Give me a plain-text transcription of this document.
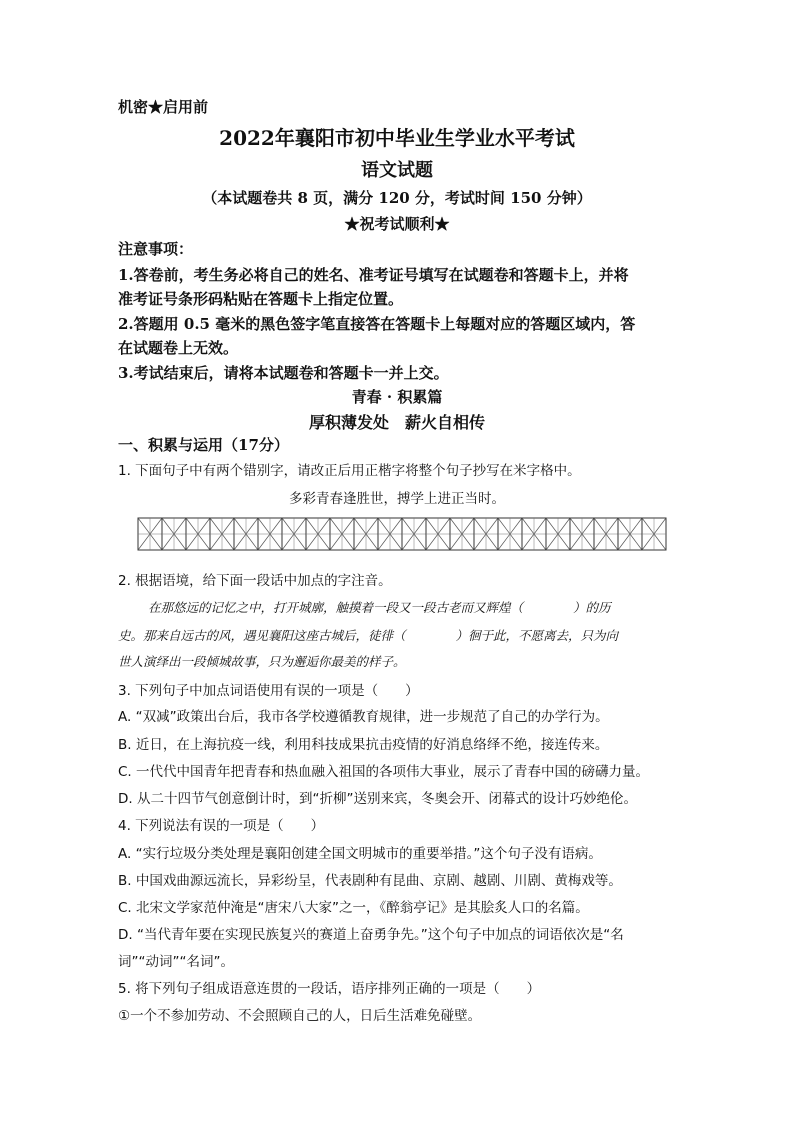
机密★启用前
2022年襄阳市初中毕业生学业水平考试
语文试题
（本试题卷共 8 页，满分 120 分，考试时间 150 分钟）
★祝考试顺利★
注意事项：
1.答卷前，考生务必将自己的姓名、准考证号填写在试题卷和答题卡上，并将
准考证号条形码粘贴在答题卡上指定位置。
2.答题用 0.5 毫米的黑色签字笔直接答在答题卡上每题对应的答题区域内，答
在试题卷上无效。
3.考试结束后，请将本试题卷和答题卡一并上交。
青春 · 积累篇
厚积薄发处　薪火自相传
一、积累与运用（17分）
1. 下面句子中有两个错别字，请改正后用正楷字将整个句子抄写在米字格中。
多彩青春逢胜世，搏学上进正当时。
2. 根据语境，给下面一段话中加点的字注音。
在那悠远的记忆之中，打开城廓，触摸着一段又一段古老而又辉煌（　　　　）的历
史。那来自远古的风，遇见襄阳这座古城后，徒徘（　　　　）徊于此，不愿离去，只为向
世人演绎出一段倾城故事，只为邂逅你最美的样子。
3. 下列句子中加点词语使用有误的一项是（　　）
A. “双减”政策出台后，我市各学校遵循教育规律，进一步规范了自己的办学行为。
B. 近日，在上海抗疫一线，利用科技成果抗击疫情的好消息络绎不绝，接连传来。
C. 一代代中国青年把青春和热血融入祖国的各项伟大事业，展示了青春中国的磅礴力量。
D. 从二十四节气创意倒计时，到“折柳”送别来宾，冬奥会开、闭幕式的设计巧妙绝伦。
4. 下列说法有误的一项是（　　）
A. “实行垃圾分类处理是襄阳创建全国文明城市的重要举措。”这个句子没有语病。
B. 中国戏曲源远流长，异彩纷呈，代表剧种有昆曲、京剧、越剧、川剧、黄梅戏等。
C. 北宋文学家范仲淹是“唐宋八大家”之一，《醉翁亭记》是其脍炙人口的名篇。
D. “当代青年要在实现民族复兴的赛道上奋勇争先。”这个句子中加点的词语依次是“名
词”“动词”“名词”。
5. 将下列句子组成语意连贯的一段话，语序排列正确的一项是（　　）
①一个不参加劳动、不会照顾自己的人，日后生活难免碰壁。
